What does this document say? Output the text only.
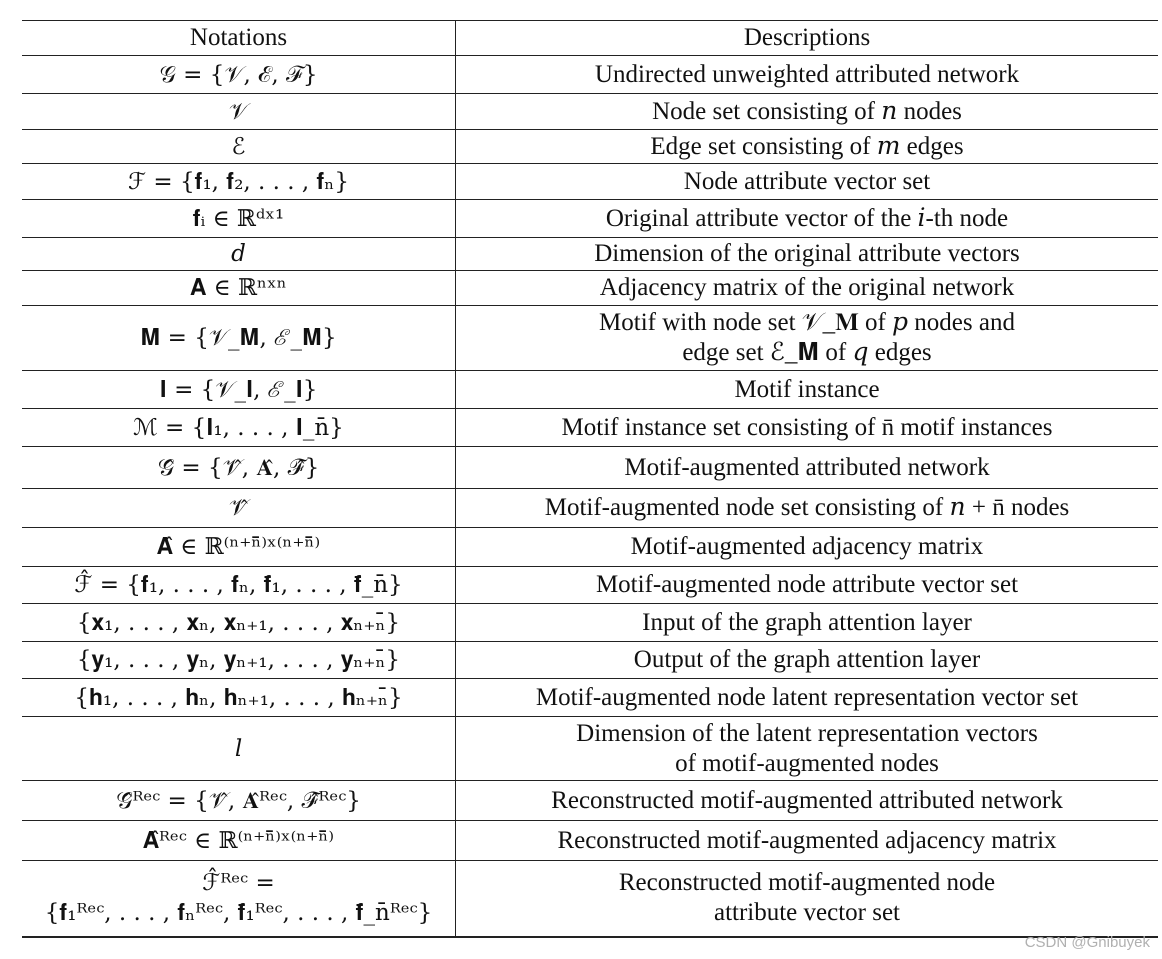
Notations	Descriptions
𝒢 = {𝒱, ℰ, ℱ}	Undirected unweighted attributed network
𝒱	Node set consisting of 𝑛 nodes
ℰ	Edge set consisting of 𝑚 edges
ℱ = {𝐟₁, 𝐟₂, . . . , 𝐟ₙ}	Node attribute vector set
𝐟ᵢ ∈ ℝᵈˣ¹	Original attribute vector of the 𝑖-th node
𝑑	Dimension of the original attribute vectors
𝐀 ∈ ℝⁿˣⁿ	Adjacency matrix of the original network
𝐌 = {𝒱_𝐌, ℰ_𝐌}	Motif with node set 𝒱_𝐌 of 𝑝 nodes and
edge set ℰ_𝐌 of 𝑞 edges
𝐈 = {𝒱_𝐈, ℰ_𝐈}	Motif instance
ℳ = {𝐈₁, . . . , 𝐈_n̄}	Motif instance set consisting of n̄ motif instances
𝒢̂ = {𝒱̂, 𝐀̂, ℱ̂}	Motif-augmented attributed network
𝒱̂	Motif-augmented node set consisting of 𝑛 + n̄ nodes
𝐀̂ ∈ ℝ⁽ⁿ⁺ⁿ̄⁾ˣ⁽ⁿ⁺ⁿ̄⁾	Motif-augmented adjacency matrix
ℱ̂ = {𝐟₁, . . . , 𝐟ₙ, 𝐟̄₁, . . . , 𝐟̄_n̄}	Motif-augmented node attribute vector set
{𝐱₁, . . . , 𝐱ₙ, 𝐱ₙ₊₁, . . . , 𝐱ₙ₊ₙ̄}	Input of the graph attention layer
{𝐲₁, . . . , 𝐲ₙ, 𝐲ₙ₊₁, . . . , 𝐲ₙ₊ₙ̄}	Output of the graph attention layer
{𝐡₁, . . . , 𝐡ₙ, 𝐡ₙ₊₁, . . . , 𝐡ₙ₊ₙ̄}	Motif-augmented node latent representation vector set
𝑙	Dimension of the latent representation vectors
of motif-augmented nodes
𝒢̂ᴿᵉᶜ = {𝒱̂, 𝐀̂ᴿᵉᶜ, ℱ̂ᴿᵉᶜ}	Reconstructed motif-augmented attributed network
𝐀̂ᴿᵉᶜ ∈ ℝ⁽ⁿ⁺ⁿ̄⁾ˣ⁽ⁿ⁺ⁿ̄⁾	Reconstructed motif-augmented adjacency matrix
ℱ̂ᴿᵉᶜ =
{𝐟₁ᴿᵉᶜ, . . . , 𝐟ₙᴿᵉᶜ, 𝐟̄₁ᴿᵉᶜ, . . . , 𝐟̄_n̄ᴿᵉᶜ}	Reconstructed motif-augmented node
attribute vector set
CSDN @Gnibuyek
